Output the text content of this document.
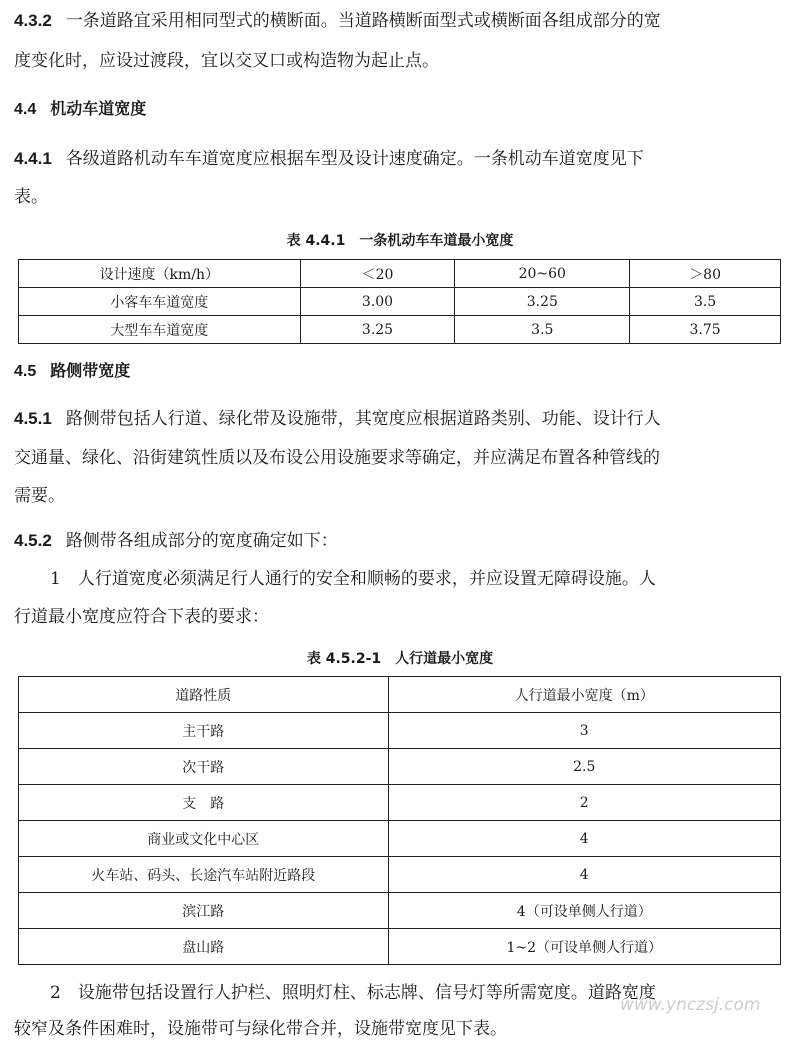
4.3.2 一条道路宜采用相同型式的横断面。当道路横断面型式或横断面各组成部分的宽
度变化时，应设过渡段，宜以交叉口或构造物为起止点。
4.4 机动车道宽度
4.4.1 各级道路机动车车道宽度应根据车型及设计速度确定。一条机动车道宽度见下
表。
表 4.4.1　一条机动车车道最小宽度
设计速度（km/h）	＜20	20~60	＞80
小客车车道宽度	3.00	3.25	3.5
大型车车道宽度	3.25	3.5	3.75
4.5 路侧带宽度
4.5.1 路侧带包括人行道、绿化带及设施带，其宽度应根据道路类别、功能、设计行人
交通量、绿化、沿街建筑性质以及布设公用设施要求等确定，并应满足布置各种管线的
需要。
4.5.2 路侧带各组成部分的宽度确定如下：
1　人行道宽度必须满足行人通行的安全和顺畅的要求，并应设置无障碍设施。人
行道最小宽度应符合下表的要求：
表 4.5.2-1　人行道最小宽度
道路性质	人行道最小宽度（m）
主干路	3
次干路	2.5
支　路	2
商业或文化中心区	4
火车站、码头、长途汽车站附近路段	4
滨江路	4（可设单侧人行道）
盘山路	1~2（可设单侧人行道）
2　设施带包括设置行人护栏、照明灯柱、标志牌、信号灯等所需宽度。道路宽度
较窄及条件困难时，设施带可与绿化带合并，设施带宽度见下表。
www.ynczsj.com
